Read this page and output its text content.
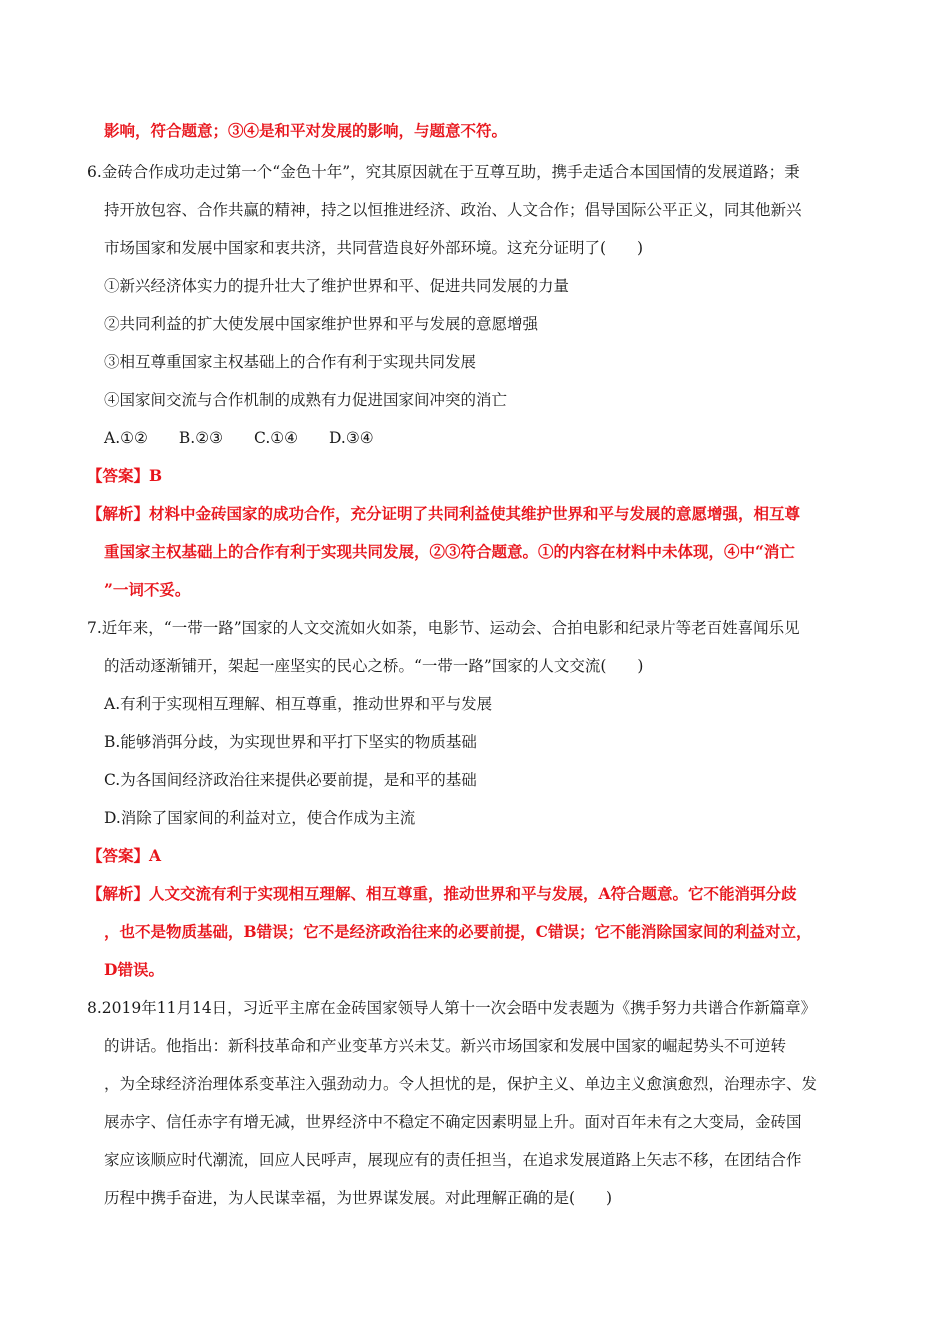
影响，符合题意；③④是和平对发展的影响，与题意不符。
6.金砖合作成功走过第一个“金色十年”，究其原因就在于互尊互助，携手走适合本国国情的发展道路；秉
持开放包容、合作共赢的精神，持之以恒推进经济、政治、人文合作；倡导国际公平正义，同其他新兴
市场国家和发展中国家和衷共济，共同营造良好外部环境。这充分证明了(　　)
①新兴经济体实力的提升壮大了维护世界和平、促进共同发展的力量
②共同利益的扩大使发展中国家维护世界和平与发展的意愿增强
③相互尊重国家主权基础上的合作有利于实现共同发展
④国家间交流与合作机制的成熟有力促进国家间冲突的消亡
A.①②　　B.②③　　C.①④　　D.③④
【答案】B
【解析】材料中金砖国家的成功合作，充分证明了共同利益使其维护世界和平与发展的意愿增强，相互尊
重国家主权基础上的合作有利于实现共同发展，②③符合题意。①的内容在材料中未体现，④中“消亡
”一词不妥。
7.近年来，“一带一路”国家的人文交流如火如荼，电影节、运动会、合拍电影和纪录片等老百姓喜闻乐见
的活动逐渐铺开，架起一座坚实的民心之桥。“一带一路”国家的人文交流(　　)
A.有利于实现相互理解、相互尊重，推动世界和平与发展
B.能够消弭分歧，为实现世界和平打下坚实的物质基础
C.为各国间经济政治往来提供必要前提，是和平的基础
D.消除了国家间的利益对立，使合作成为主流
【答案】A
【解析】人文交流有利于实现相互理解、相互尊重，推动世界和平与发展，A符合题意。它不能消弭分歧
，也不是物质基础，B错误；它不是经济政治往来的必要前提，C错误；它不能消除国家间的利益对立，
D错误。
8.2019年11月14日，习近平主席在金砖国家领导人第十一次会晤中发表题为《携手努力共谱合作新篇章》
的讲话。他指出：新科技革命和产业变革方兴未艾。新兴市场国家和发展中国家的崛起势头不可逆转
，为全球经济治理体系变革注入强劲动力。令人担忧的是，保护主义、单边主义愈演愈烈，治理赤字、发
展赤字、信任赤字有增无减，世界经济中不稳定不确定因素明显上升。面对百年未有之大变局，金砖国
家应该顺应时代潮流，回应人民呼声，展现应有的责任担当，在追求发展道路上矢志不移，在团结合作
历程中携手奋进，为人民谋幸福，为世界谋发展。对此理解正确的是(　　)
